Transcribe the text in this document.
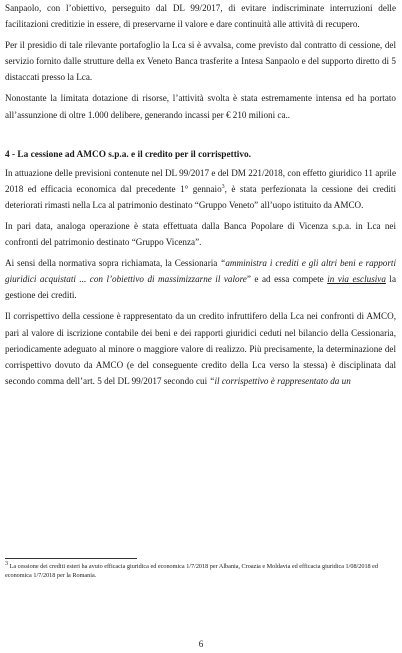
Sanpaolo, con l’obiettivo, perseguito dal DL 99/2017, di evitare indiscriminate interruzioni delle facilitazioni creditizie in essere, di preservarne il valore e dare continuità alle attività di recupero.

Per il presidio di tale rilevante portafoglio la Lca si è avvalsa, come previsto dal contratto di cessione, del servizio fornito dalle strutture della ex Veneto Banca trasferite a Intesa Sanpaolo e del supporto diretto di 5 distaccati presso la Lca.

Nonostante la limitata dotazione di risorse, l’attività svolta è stata estremamente intensa ed ha portato all’assunzione di oltre 1.000 delibere, generando incassi per € 210 milioni ca..

4 - La cessione ad AMCO s.p.a. e il credito per il corrispettivo.

In attuazione delle previsioni contenute nel DL 99/2017 e del DM 221/2018, con effetto giuridico 11 aprile 2018 ed efficacia economica dal precedente 1° gennaio$^3$, è stata perfezionata la cessione dei crediti deteriorati rimasti nella Lca al patrimonio destinato “Gruppo Veneto” all’uopo istituito da AMCO.

In pari data, analoga operazione è stata effettuata dalla Banca Popolare di Vicenza s.p.a. in Lca nei confronti del patrimonio destinato “Gruppo Vicenza”.

Ai sensi della normativa sopra richiamata, la Cessionaria “amministra i crediti e gli altri beni e rapporti giuridici acquistati ... con l’obiettivo di massimizzarne il valore” e ad essa compete in via esclusiva la gestione dei crediti.

Il corrispettivo della cessione è rappresentato da un credito infruttifero della Lca nei confronti di AMCO, pari al valore di iscrizione contabile dei beni e dei rapporti giuridici ceduti nel bilancio della Cessionaria, periodicamente adeguato al minore o maggiore valore di realizzo. Più precisamente, la determinazione del corrispettivo dovuto da AMCO (e del conseguente credito della Lca verso la stessa) è disciplinata dal secondo comma dell’art. 5 del DL 99/2017 secondo cui “il corrispettivo è rappresentato da un

$^3$ La cessione dei crediti esteri ha avuto efficacia giuridica ed economica 1/7/2018 per Albania, Croazia e Moldavia ed efficacia giuridica 1/08/2018 ed economica 1/7/2018 per la Romania.
6
